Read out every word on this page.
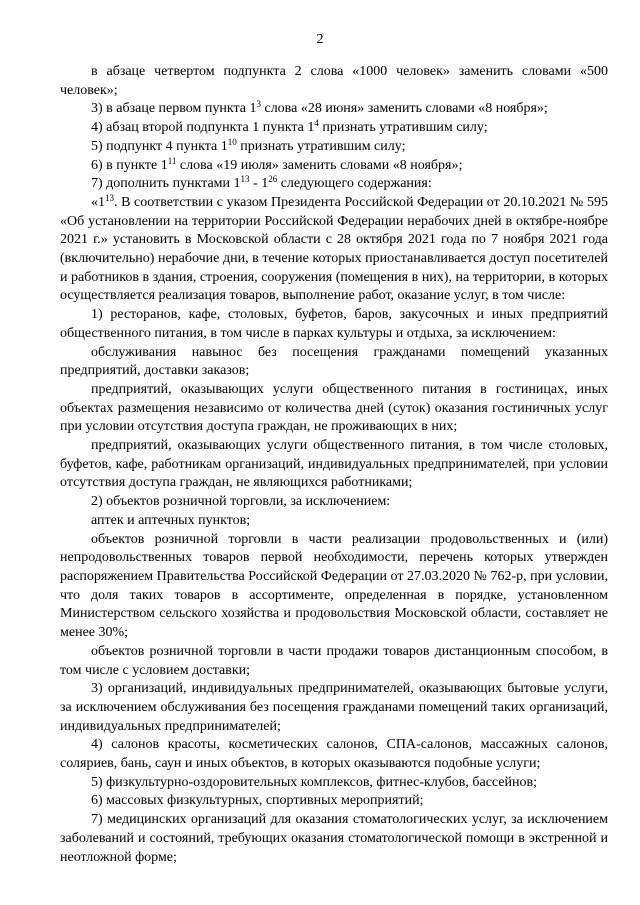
2

в абзаце четвертом подпункта 2 слова «1000 человек» заменить словами «500 человек»;

3) в абзаце первом пункта $1^3$ слова «28 июня» заменить словами «8 ноября»;

4) абзац второй подпункта 1 пункта $1^4$ признать утратившим силу;

5) подпункт 4 пункта $1^{10}$ признать утратившим силу;

6) в пункте $1^{11}$ слова «19 июля» заменить словами «8 ноября»;

7) дополнить пунктами $1^{13} - 1^{26}$ следующего содержания:

«$1^{13}$. В соответствии с указом Президента Российской Федерации от 20.10.2021 № 595 «Об установлении на территории Российской Федерации нерабочих дней в октябре-ноябре 2021 г.» установить в Московской области с 28 октября 2021 года по 7 ноября 2021 года (включительно) нерабочие дни, в течение которых приостанавливается доступ посетителей и работников в здания, строения, сооружения (помещения в них), на территории, в которых осуществляется реализация товаров, выполнение работ, оказание услуг, в том числе:

1) ресторанов, кафе, столовых, буфетов, баров, закусочных и иных предприятий общественного питания, в том числе в парках культуры и отдыха, за исключением:

обслуживания навынос без посещения гражданами помещений указанных предприятий, доставки заказов;

предприятий, оказывающих услуги общественного питания в гостиницах, иных объектах размещения независимо от количества дней (суток) оказания гостиничных услуг при условии отсутствия доступа граждан, не проживающих в них;

предприятий, оказывающих услуги общественного питания, в том числе столовых, буфетов, кафе, работникам организаций, индивидуальных предпринимателей, при условии отсутствия доступа граждан, не являющихся работниками;

2) объектов розничной торговли, за исключением:

аптек и аптечных пунктов;

объектов розничной торговли в части реализации продовольственных и (или) непродовольственных товаров первой необходимости, перечень которых утвержден распоряжением Правительства Российской Федерации от 27.03.2020 № 762-р, при условии, что доля таких товаров в ассортименте, определенная в порядке, установленном Министерством сельского хозяйства и продовольствия Московской области, составляет не менее 30%;

объектов розничной торговли в части продажи товаров дистанционным способом, в том числе с условием доставки;

3) организаций, индивидуальных предпринимателей, оказывающих бытовые услуги, за исключением обслуживания без посещения гражданами помещений таких организаций, индивидуальных предпринимателей;

4) салонов красоты, косметических салонов, СПА-салонов, массажных салонов, соляриев, бань, саун и иных объектов, в которых оказываются подобные услуги;

5) физкультурно-оздоровительных комплексов, фитнес-клубов, бассейнов;

6) массовых физкультурных, спортивных мероприятий;

7) медицинских организаций для оказания стоматологических услуг, за исключением заболеваний и состояний, требующих оказания стоматологической помощи в экстренной и неотложной форме;
